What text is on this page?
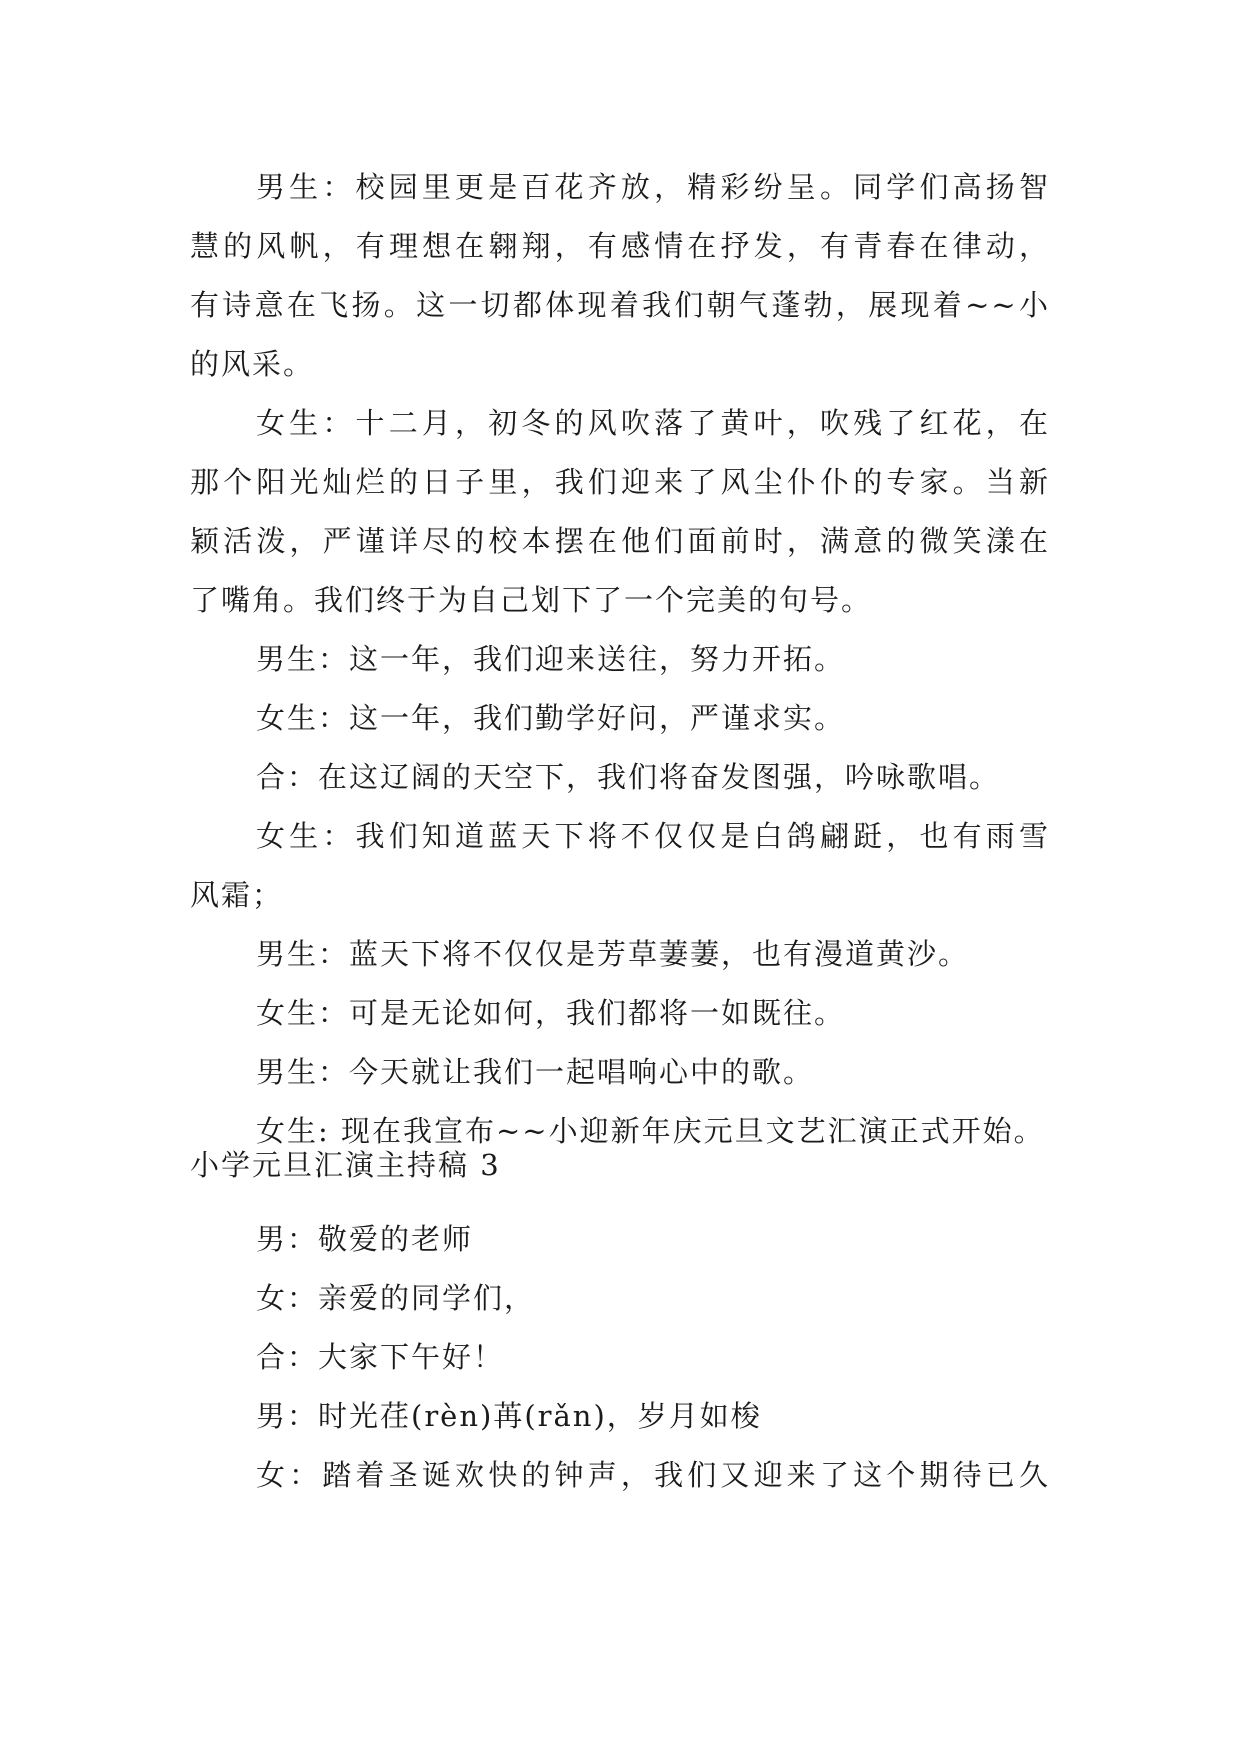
男生：校园里更是百花齐放，精彩纷呈。同学们高扬智
慧的风帆，有理想在翱翔，有感情在抒发，有青春在律动，
有诗意在飞扬。这一切都体现着我们朝气蓬勃，展现着~~小
的风采。
女生：十二月，初冬的风吹落了黄叶，吹残了红花，在
那个阳光灿烂的日子里，我们迎来了风尘仆仆的专家。当新
颖活泼，严谨详尽的校本摆在他们面前时，满意的微笑漾在
了嘴角。我们终于为自己划下了一个完美的句号。
男生：这一年，我们迎来送往，努力开拓。
女生：这一年，我们勤学好问，严谨求实。
合：在这辽阔的天空下，我们将奋发图强，吟咏歌唱。
女生：我们知道蓝天下将不仅仅是白鸽翩跹，也有雨雪
风霜；
男生：蓝天下将不仅仅是芳草萋萋，也有漫道黄沙。
女生：可是无论如何，我们都将一如既往。
男生：今天就让我们一起唱响心中的歌。
女生: 现在我宣布~~小迎新年庆元旦文艺汇演正式开始。
小学元旦汇演主持稿 3
男：敬爱的老师
女：亲爱的同学们，
合：大家下午好！
男：时光荏(rèn)苒(rǎn)，岁月如梭
女：踏着圣诞欢快的钟声，我们又迎来了这个期待已久
